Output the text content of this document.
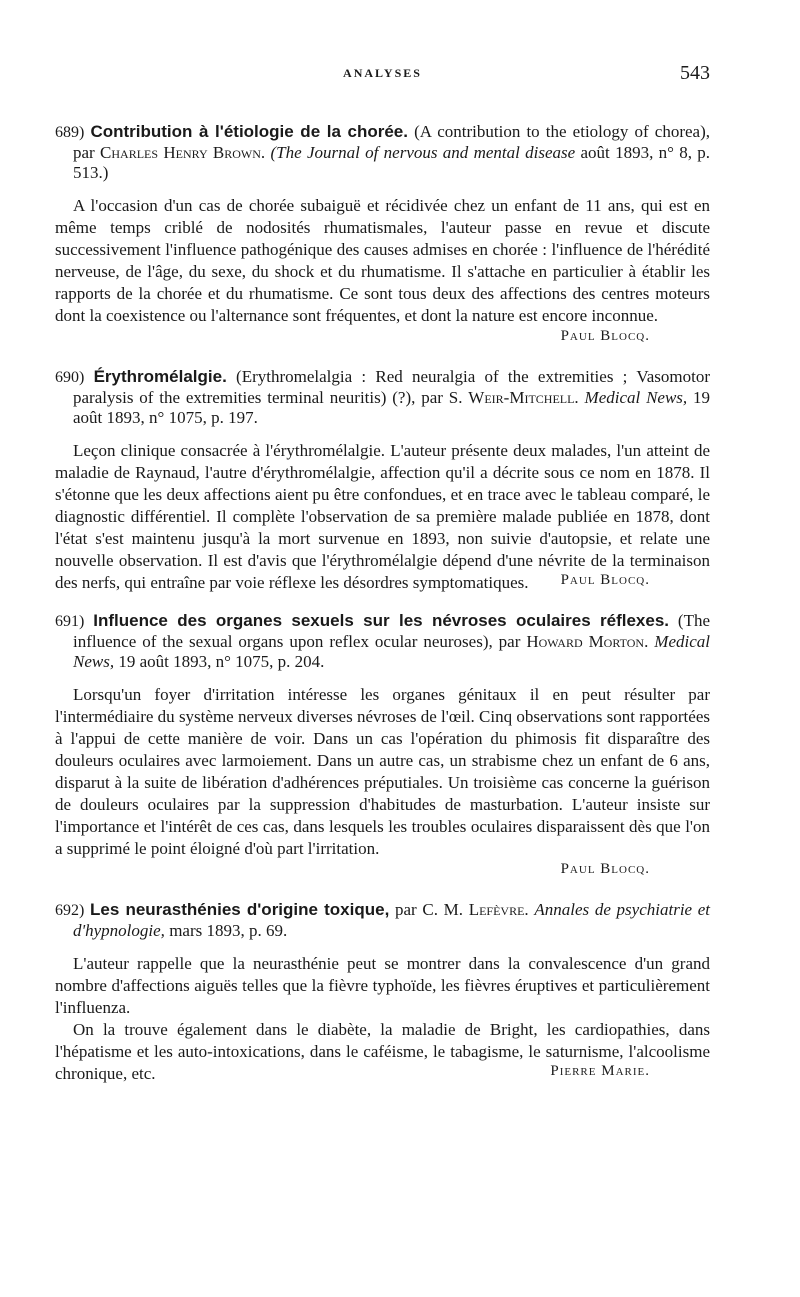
ANALYSES	543

689) Contribution à l'étiologie de la chorée. (A contribution to the etiology of chorea), par Charles Henry Brown. (The Journal of nervous and mental disease août 1893, n° 8, p. 513.)

A l'occasion d'un cas de chorée subaiguë et récidivée chez un enfant de 11 ans, qui est en même temps criblé de nodosités rhumatismales, l'auteur passe en revue et discute successivement l'influence pathogénique des causes admises en chorée : l'influence de l'hérédité nerveuse, de l'âge, du sexe, du shock et du rhumatisme. Il s'attache en particulier à établir les rapports de la chorée et du rhumatisme. Ce sont tous deux des affections des centres moteurs dont la coexistence ou l'alternance sont fréquentes, et dont la nature est encore inconnue.

Paul Blocq.

690) Érythromélalgie. (Erythromelalgia : Red neuralgia of the extremities ; Vasomotor paralysis of the extremities terminal neuritis) (?), par S. Weir-Mitchell. Medical News, 19 août 1893, n° 1075, p. 197.

Leçon clinique consacrée à l'érythromélalgie. L'auteur présente deux malades, l'un atteint de maladie de Raynaud, l'autre d'érythromélalgie, affection qu'il a décrite sous ce nom en 1878. Il s'étonne que les deux affections aient pu être confondues, et en trace avec le tableau comparé, le diagnostic différentiel. Il complète l'observation de sa première malade publiée en 1878, dont l'état s'est maintenu jusqu'à la mort survenue en 1893, non suivie d'autopsie, et relate une nouvelle observation. Il est d'avis que l'érythromélalgie dépend d'une névrite de la terminaison des nerfs, qui entraîne par voie réflexe les désordres symptomatiques.	Paul Blocq.

691) Influence des organes sexuels sur les névroses oculaires réflexes. (The influence of the sexual organs upon reflex ocular neuroses), par Howard Morton. Medical News, 19 août 1893, n° 1075, p. 204.

Lorsqu'un foyer d'irritation intéresse les organes génitaux il en peut résulter par l'intermédiaire du système nerveux diverses névroses de l'œil. Cinq observations sont rapportées à l'appui de cette manière de voir. Dans un cas l'opération du phimosis fit disparaître des douleurs oculaires avec larmoiement. Dans un autre cas, un strabisme chez un enfant de 6 ans, disparut à la suite de libération d'adhérences préputiales. Un troisième cas concerne la guérison de douleurs oculaires par la suppression d'habitudes de masturbation. L'auteur insiste sur l'importance et l'intérêt de ces cas, dans lesquels les troubles oculaires disparaissent dès que l'on a supprimé le point éloigné d'où part l'irritation.

Paul Blocq.

692) Les neurasthénies d'origine toxique, par C. M. Lefèvre. Annales de psychiatrie et d'hypnologie, mars 1893, p. 69.

L'auteur rappelle que la neurasthénie peut se montrer dans la convalescence d'un grand nombre d'affections aiguës telles que la fièvre typhoïde, les fièvres éruptives et particulièrement l'influenza.

On la trouve également dans le diabète, la maladie de Bright, les cardiopathies, dans l'hépatisme et les auto-intoxications, dans le caféisme, le tabagisme, le saturnisme, l'alcoolisme chronique, etc.	Pierre Marie.
